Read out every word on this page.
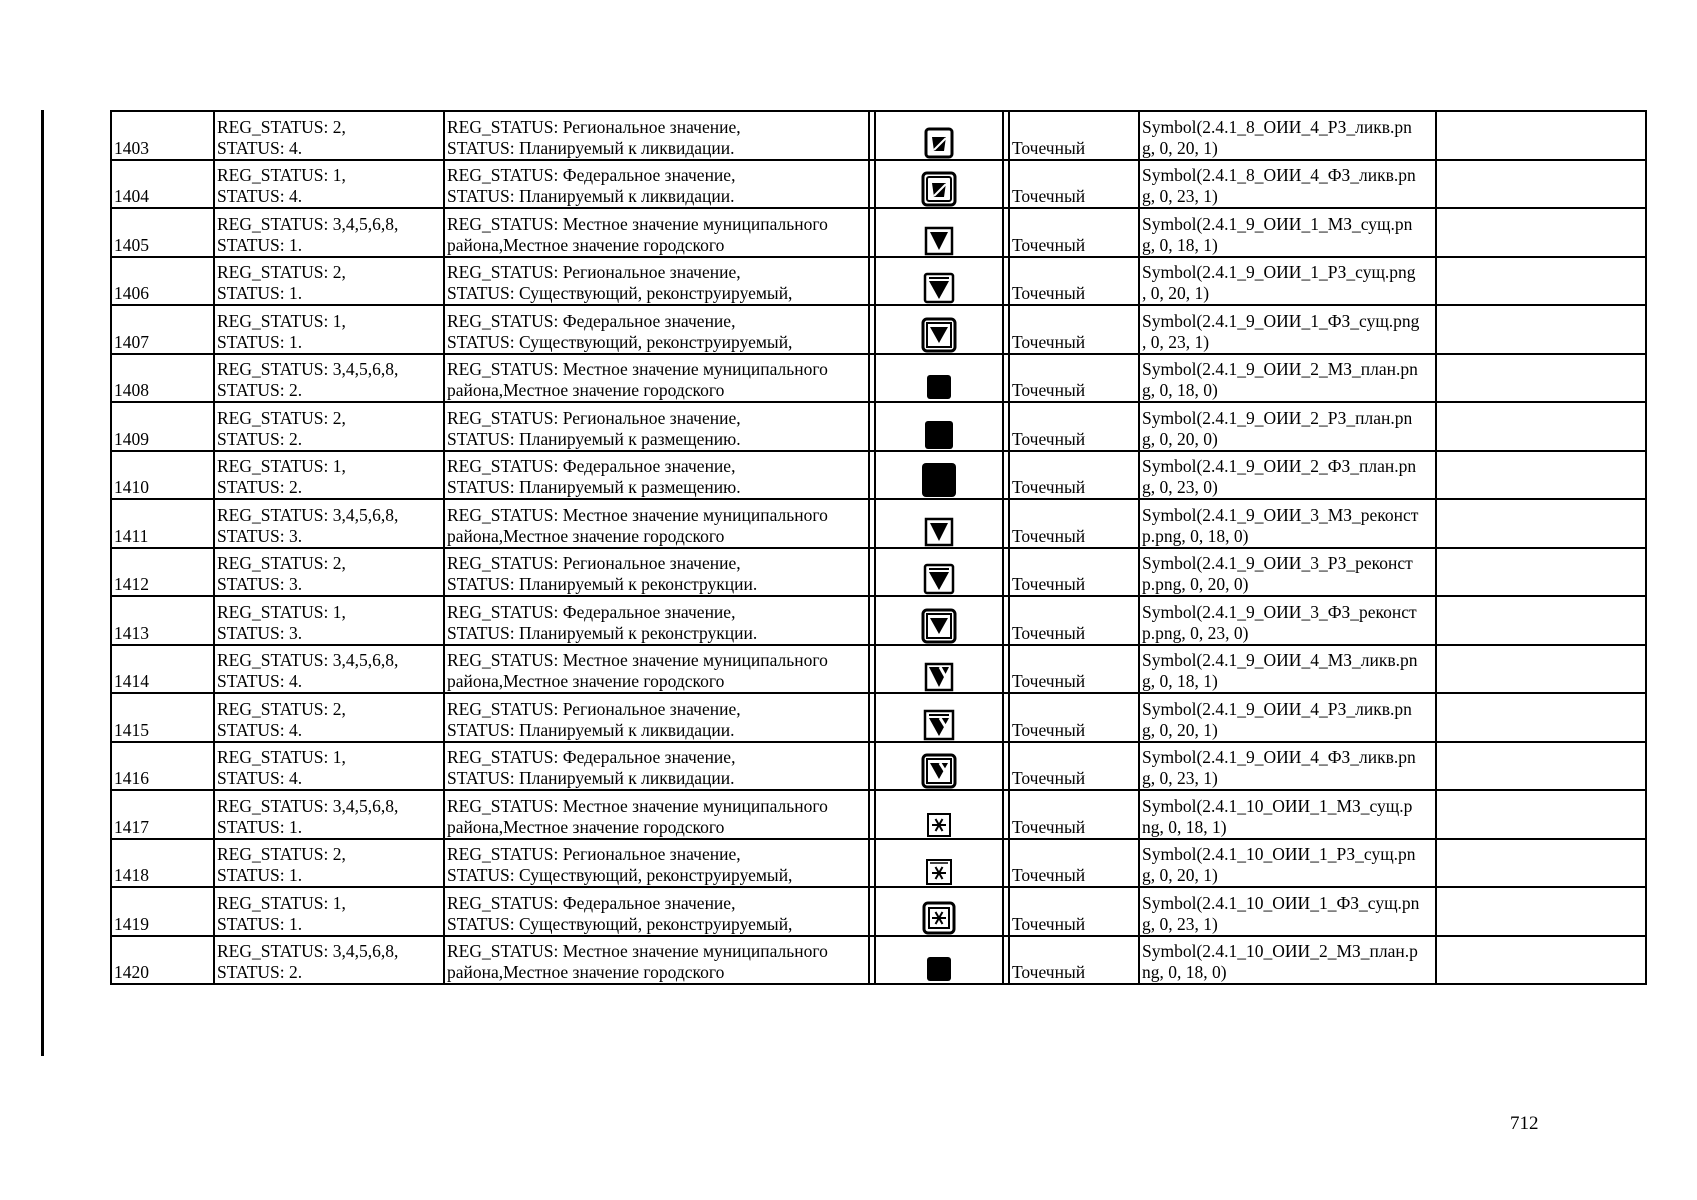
1403	REG_STATUS: 2,
STATUS: 4.	REG_STATUS: Региональное значение,
STATUS: Планируемый к ликвидации.				Точечный	Symbol(2.4.1_8_ОИИ_4_РЗ_ликв.pn
g, 0, 20, 1)	

1404	REG_STATUS: 1,
STATUS: 4.	REG_STATUS: Федеральное значение,
STATUS: Планируемый к ликвидации.				Точечный	Symbol(2.4.1_8_ОИИ_4_ФЗ_ликв.pn
g, 0, 23, 1)	

1405	REG_STATUS: 3,4,5,6,8,
STATUS: 1.	REG_STATUS: Местное значение муниципального
района,Местное значение городского				Точечный	Symbol(2.4.1_9_ОИИ_1_МЗ_сущ.pn
g, 0, 18, 1)	

1406	REG_STATUS: 2,
STATUS: 1.	REG_STATUS: Региональное значение,
STATUS: Существующий, реконструируемый,				Точечный	Symbol(2.4.1_9_ОИИ_1_РЗ_сущ.png
, 0, 20, 1)	

1407	REG_STATUS: 1,
STATUS: 1.	REG_STATUS: Федеральное значение,
STATUS: Существующий, реконструируемый,				Точечный	Symbol(2.4.1_9_ОИИ_1_ФЗ_сущ.png
, 0, 23, 1)	

1408	REG_STATUS: 3,4,5,6,8,
STATUS: 2.	REG_STATUS: Местное значение муниципального
района,Местное значение городского				Точечный	Symbol(2.4.1_9_ОИИ_2_МЗ_план.pn
g, 0, 18, 0)	

1409	REG_STATUS: 2,
STATUS: 2.	REG_STATUS: Региональное значение,
STATUS: Планируемый к размещению.				Точечный	Symbol(2.4.1_9_ОИИ_2_РЗ_план.pn
g, 0, 20, 0)	

1410	REG_STATUS: 1,
STATUS: 2.	REG_STATUS: Федеральное значение,
STATUS: Планируемый к размещению.				Точечный	Symbol(2.4.1_9_ОИИ_2_ФЗ_план.pn
g, 0, 23, 0)	

1411	REG_STATUS: 3,4,5,6,8,
STATUS: 3.	REG_STATUS: Местное значение муниципального
района,Местное значение городского				Точечный	Symbol(2.4.1_9_ОИИ_3_МЗ_реконст
р.png, 0, 18, 0)	

1412	REG_STATUS: 2,
STATUS: 3.	REG_STATUS: Региональное значение,
STATUS: Планируемый к реконструкции.				Точечный	Symbol(2.4.1_9_ОИИ_3_РЗ_реконст
р.png, 0, 20, 0)	

1413	REG_STATUS: 1,
STATUS: 3.	REG_STATUS: Федеральное значение,
STATUS: Планируемый к реконструкции.				Точечный	Symbol(2.4.1_9_ОИИ_3_ФЗ_реконст
р.png, 0, 23, 0)	

1414	REG_STATUS: 3,4,5,6,8,
STATUS: 4.	REG_STATUS: Местное значение муниципального
района,Местное значение городского				Точечный	Symbol(2.4.1_9_ОИИ_4_МЗ_ликв.pn
g, 0, 18, 1)	

1415	REG_STATUS: 2,
STATUS: 4.	REG_STATUS: Региональное значение,
STATUS: Планируемый к ликвидации.				Точечный	Symbol(2.4.1_9_ОИИ_4_РЗ_ликв.pn
g, 0, 20, 1)	

1416	REG_STATUS: 1,
STATUS: 4.	REG_STATUS: Федеральное значение,
STATUS: Планируемый к ликвидации.				Точечный	Symbol(2.4.1_9_ОИИ_4_ФЗ_ликв.pn
g, 0, 23, 1)	

1417	REG_STATUS: 3,4,5,6,8,
STATUS: 1.	REG_STATUS: Местное значение муниципального
района,Местное значение городского				Точечный	Symbol(2.4.1_10_ОИИ_1_МЗ_сущ.p
ng, 0, 18, 1)	

1418	REG_STATUS: 2,
STATUS: 1.	REG_STATUS: Региональное значение,
STATUS: Существующий, реконструируемый,				Точечный	Symbol(2.4.1_10_ОИИ_1_РЗ_сущ.pn
g, 0, 20, 1)	

1419	REG_STATUS: 1,
STATUS: 1.	REG_STATUS: Федеральное значение,
STATUS: Существующий, реконструируемый,				Точечный	Symbol(2.4.1_10_ОИИ_1_ФЗ_сущ.pn
g, 0, 23, 1)	

1420	REG_STATUS: 3,4,5,6,8,
STATUS: 2.	REG_STATUS: Местное значение муниципального
района,Местное значение городского				Точечный	Symbol(2.4.1_10_ОИИ_2_МЗ_план.p
ng, 0, 18, 0)	

712
